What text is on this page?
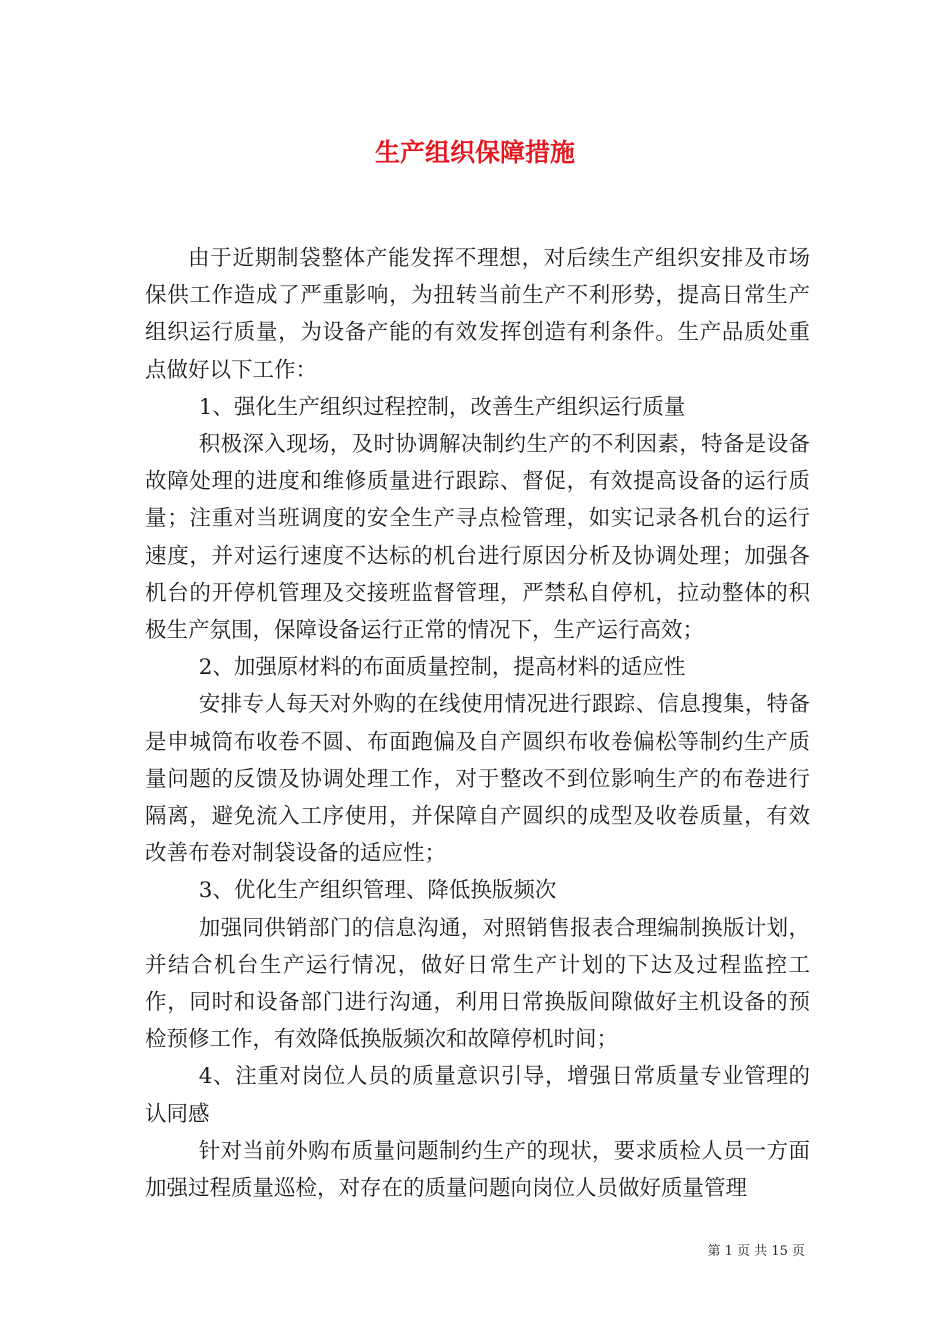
生产组织保障措施

由于近期制袋整体产能发挥不理想，对后续生产组织安排及市场保供工作造成了严重影响，为扭转当前生产不利形势，提高日常生产组织运行质量，为设备产能的有效发挥创造有利条件。生产品质处重点做好以下工作：

1、强化生产组织过程控制，改善生产组织运行质量

积极深入现场，及时协调解决制约生产的不利因素，特备是设备故障处理的进度和维修质量进行跟踪、督促，有效提高设备的运行质量；注重对当班调度的安全生产寻点检管理，如实记录各机台的运行速度，并对运行速度不达标的机台进行原因分析及协调处理；加强各机台的开停机管理及交接班监督管理，严禁私自停机，拉动整体的积极生产氛围，保障设备运行正常的情况下，生产运行高效；

2、加强原材料的布面质量控制，提高材料的适应性

安排专人每天对外购的在线使用情况进行跟踪、信息搜集，特备是申城筒布收卷不圆、布面跑偏及自产圆织布收卷偏松等制约生产质量问题的反馈及协调处理工作，对于整改不到位影响生产的布卷进行隔离，避免流入工序使用，并保障自产圆织的成型及收卷质量，有效改善布卷对制袋设备的适应性；

3、优化生产组织管理、降低换版频次

加强同供销部门的信息沟通，对照销售报表合理编制换版计划，并结合机台生产运行情况，做好日常生产计划的下达及过程监控工作，同时和设备部门进行沟通，利用日常换版间隙做好主机设备的预检预修工作，有效降低换版频次和故障停机时间；

4、注重对岗位人员的质量意识引导，增强日常质量专业管理的认同感

针对当前外购布质量问题制约生产的现状，要求质检人员一方面加强过程质量巡检，对存在的质量问题向岗位人员做好质量管理

第 1 页 共 15 页
